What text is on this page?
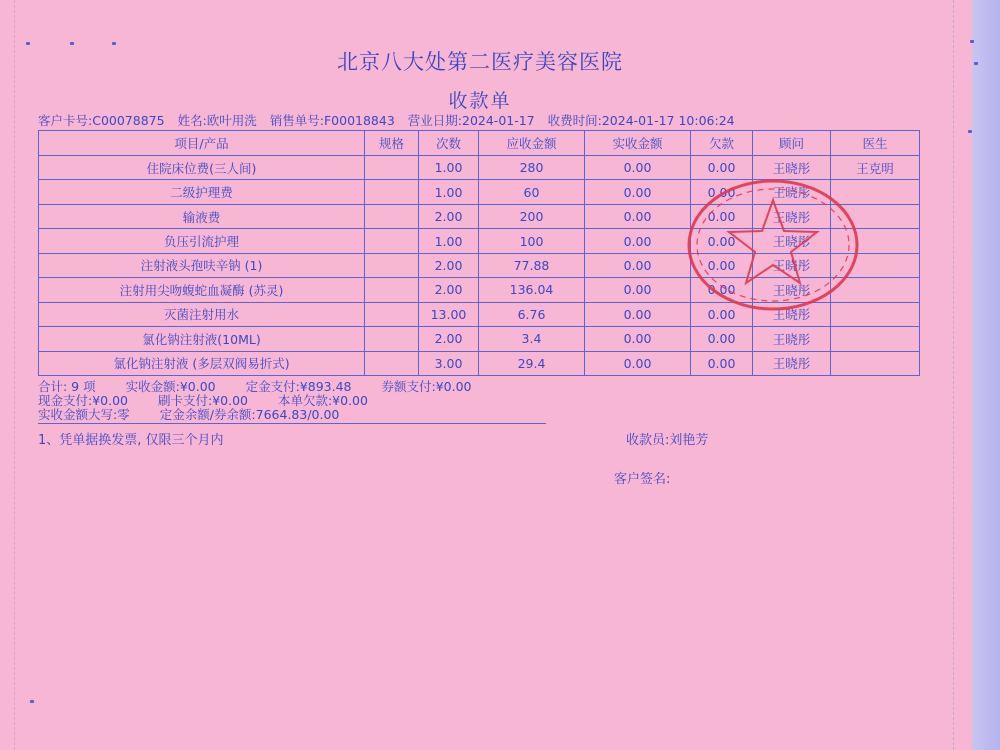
北京八大处第二医疗美容医院
收款单
客户卡号:C00078875 姓名:欧叶用洗 销售单号:F00018843 营业日期:2024-01-17 收费时间:2024-01-17 10:06:24
项目/产品	规格	次数	应收金额	实收金额	欠款	顾问	医生
住院床位费(三人间)		1.00	280	0.00	0.00	王晓彤	王克明
二级护理费		1.00	60	0.00	0.00	王晓彤	
输液费		2.00	200	0.00	0.00	王晓彤	
负压引流护理		1.00	100	0.00	0.00	王晓彤	
注射液头孢呋辛钠 (1)		2.00	77.88	0.00	0.00	王晓彤	
注射用尖吻蝮蛇血凝酶 (苏灵)		2.00	136.04	0.00	0.00	王晓彤	
灭菌注射用水		13.00	6.76	0.00	0.00	王晓彤	
氯化钠注射液(10ML)		2.00	3.4	0.00	0.00	王晓彤	
氯化钠注射液 (多层双阀易折式)		3.00	29.4	0.00	0.00	王晓彤	
合计: 9 项 实收金额:¥0.00 定金支付:¥893.48 券额支付:¥0.00
现金支付:¥0.00 刷卡支付:¥0.00 本单欠款:¥0.00
实收金额大写:零 定金余额/券余额:7664.83/0.00
1、凭单据换发票, 仅限三个月内	收款员:刘艳芳
客户签名:
